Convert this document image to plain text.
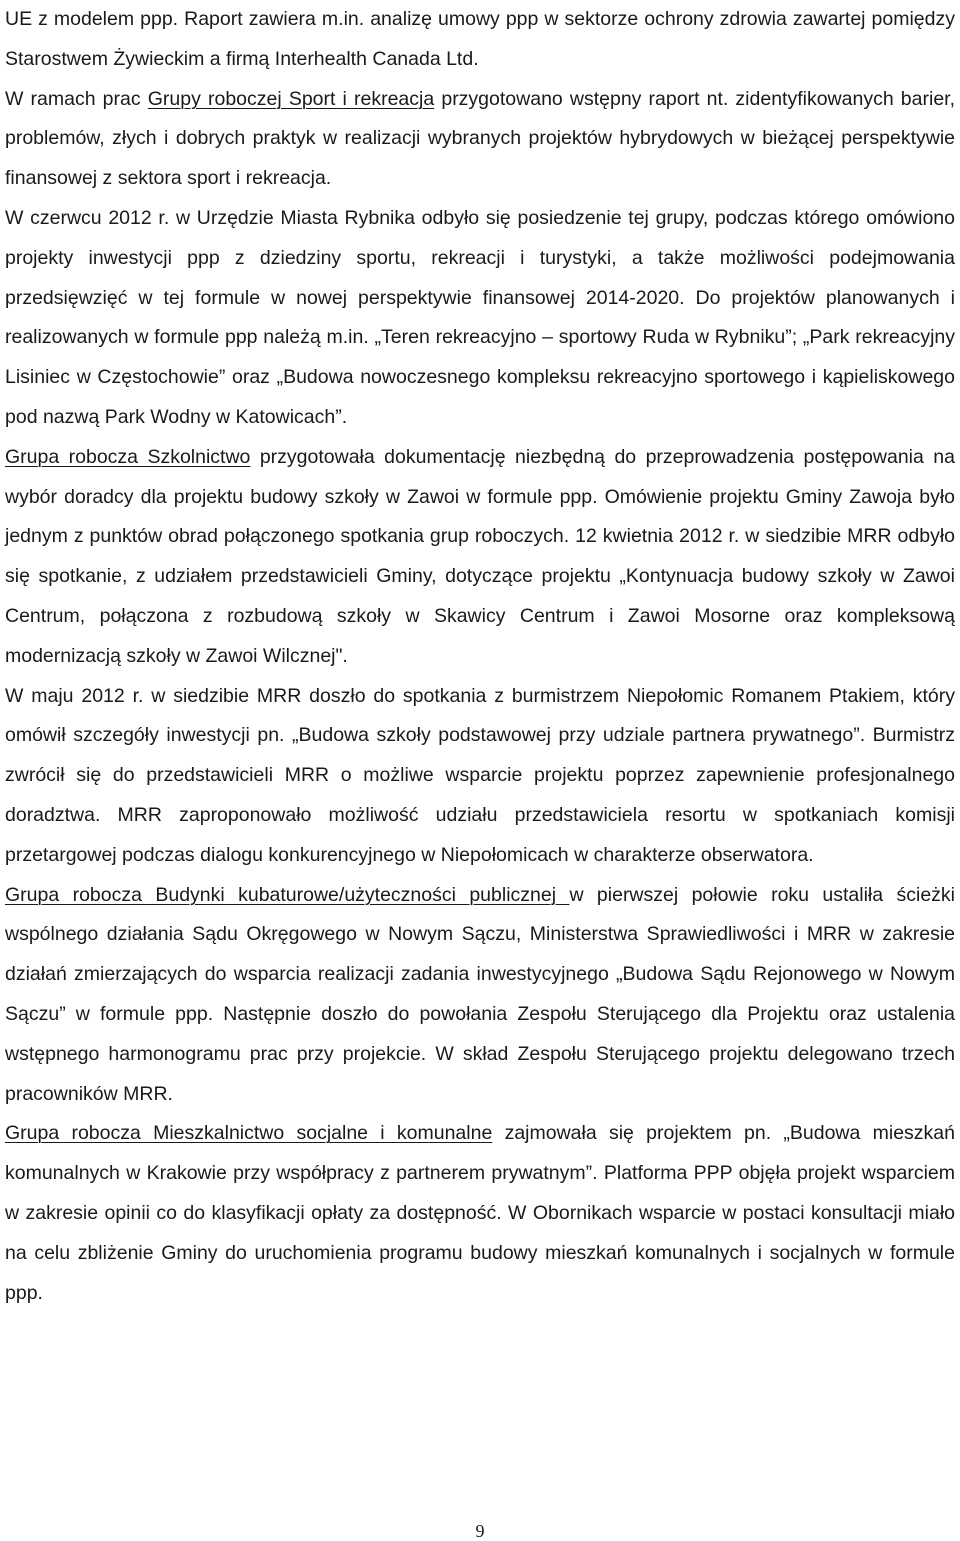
UE z modelem ppp. Raport zawiera m.in. analizę umowy ppp w sektorze ochrony zdrowia zawartej pomiędzy Starostwem Żywieckim a firmą Interhealth Canada Ltd.

W ramach prac Grupy roboczej Sport i rekreacja przygotowano wstępny raport nt. zidentyfikowanych barier, problemów, złych i dobrych praktyk w realizacji wybranych projektów hybrydowych w bieżącej perspektywie finansowej z sektora sport i rekreacja.

W czerwcu 2012 r. w Urzędzie Miasta Rybnika odbyło się posiedzenie tej grupy, podczas którego omówiono projekty inwestycji ppp z dziedziny sportu, rekreacji i turystyki, a także możliwości podejmowania przedsięwzięć w tej formule w nowej perspektywie finansowej 2014-2020. Do projektów planowanych i realizowanych w formule ppp należą m.in. „Teren rekreacyjno – sportowy Ruda w Rybniku”; „Park rekreacyjny Lisiniec w Częstochowie” oraz „Budowa nowoczesnego kompleksu rekreacyjno sportowego i kąpieliskowego pod nazwą Park Wodny w Katowicach”.

Grupa robocza Szkolnictwo przygotowała dokumentację niezbędną do przeprowadzenia postępowania na wybór doradcy dla projektu budowy szkoły w Zawoi w formule ppp. Omówienie projektu Gminy Zawoja było jednym z punktów obrad połączonego spotkania grup roboczych. 12 kwietnia 2012 r. w siedzibie MRR odbyło się spotkanie, z udziałem przedstawicieli Gminy, dotyczące projektu „Kontynuacja budowy szkoły w Zawoi Centrum, połączona z rozbudową szkoły w Skawicy Centrum i Zawoi Mosorne oraz kompleksową modernizacją szkoły w Zawoi Wilcznej".

W maju 2012 r. w siedzibie MRR doszło do spotkania z burmistrzem Niepołomic Romanem Ptakiem, który omówił szczegóły inwestycji pn. „Budowa szkoły podstawowej przy udziale partnera prywatnego”. Burmistrz zwrócił się do przedstawicieli MRR o możliwe wsparcie projektu poprzez zapewnienie profesjonalnego doradztwa. MRR zaproponowało możliwość udziału przedstawiciela resortu w spotkaniach komisji przetargowej podczas dialogu konkurencyjnego w Niepołomicach w charakterze obserwatora.

Grupa robocza Budynki kubaturowe/użyteczności publicznej w pierwszej połowie roku ustaliła ścieżki wspólnego działania Sądu Okręgowego w Nowym Sączu, Ministerstwa Sprawiedliwości i MRR w zakresie działań zmierzających do wsparcia realizacji zadania inwestycyjnego „Budowa Sądu Rejonowego w Nowym Sączu” w formule ppp. Następnie doszło do powołania Zespołu Sterującego dla Projektu oraz ustalenia wstępnego harmonogramu prac przy projekcie. W skład Zespołu Sterującego projektu delegowano trzech pracowników MRR.

Grupa robocza Mieszkalnictwo socjalne i komunalne zajmowała się projektem pn. „Budowa mieszkań komunalnych w Krakowie przy współpracy z partnerem prywatnym”. Platforma PPP objęła projekt wsparciem w zakresie opinii co do klasyfikacji opłaty za dostępność. W Obornikach wsparcie w postaci konsultacji miało na celu zbliżenie Gminy do uruchomienia programu budowy mieszkań komunalnych i socjalnych w formule ppp.

9
